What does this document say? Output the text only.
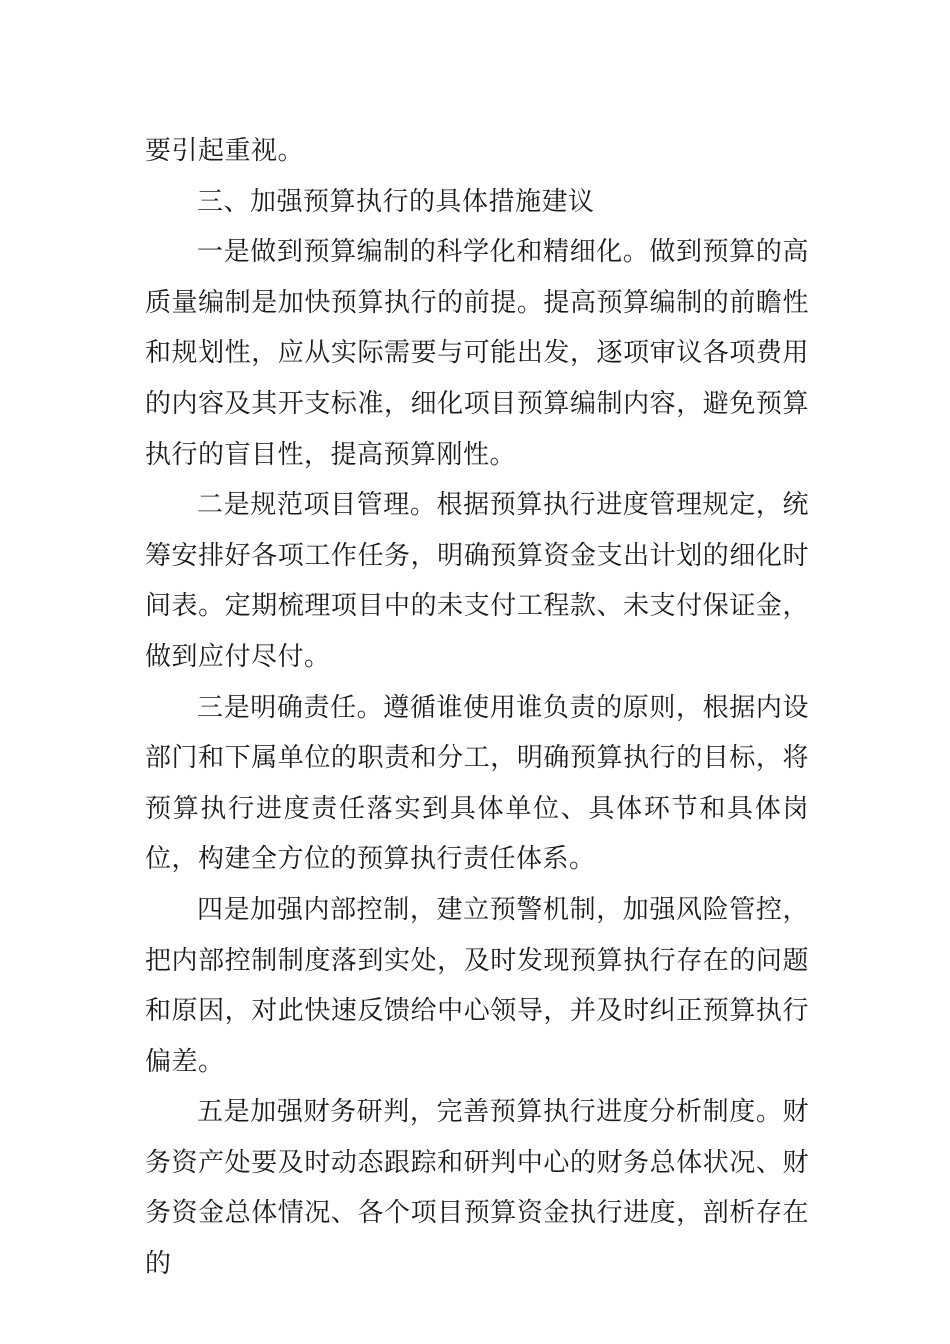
要引起重视。

三、加强预算执行的具体措施建议

一是做到预算编制的科学化和精细化。做到预算的高质量编制是加快预算执行的前提。提高预算编制的前瞻性和规划性，应从实际需要与可能出发，逐项审议各项费用的内容及其开支标准，细化项目预算编制内容，避免预算执行的盲目性，提高预算刚性。

二是规范项目管理。根据预算执行进度管理规定，统筹安排好各项工作任务，明确预算资金支出计划的细化时间表。定期梳理项目中的未支付工程款、未支付保证金，做到应付尽付。

三是明确责任。遵循谁使用谁负责的原则，根据内设部门和下属单位的职责和分工，明确预算执行的目标，将预算执行进度责任落实到具体单位、具体环节和具体岗位，构建全方位的预算执行责任体系。

四是加强内部控制，建立预警机制，加强风险管控，把内部控制制度落到实处，及时发现预算执行存在的问题和原因，对此快速反馈给中心领导，并及时纠正预算执行偏差。

五是加强财务研判，完善预算执行进度分析制度。财务资产处要及时动态跟踪和研判中心的财务总体状况、财务资金总体情况、各个项目预算资金执行进度，剖析存在的
